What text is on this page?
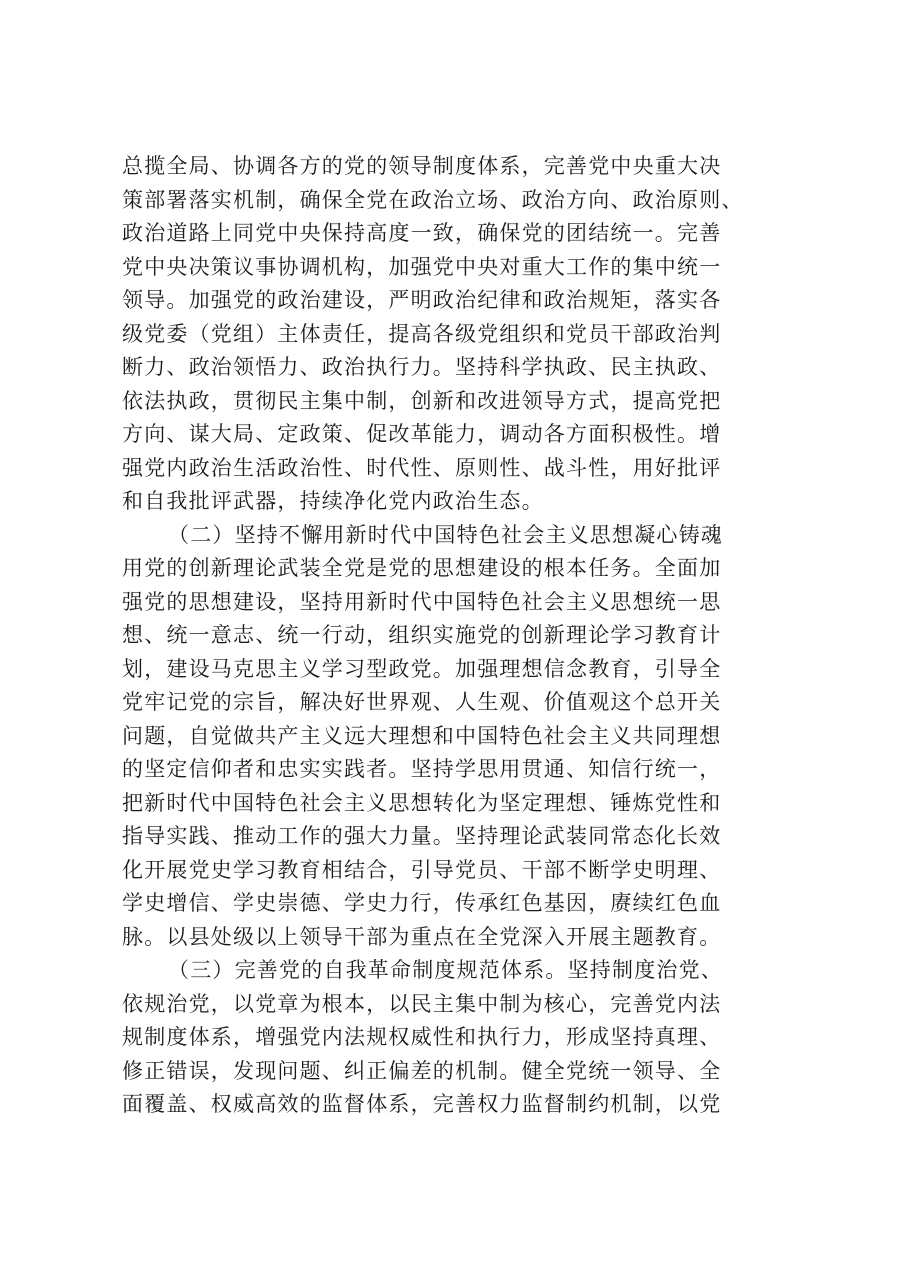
总揽全局、协调各方的党的领导制度体系，完善党中央重大决
策部署落实机制，确保全党在政治立场、政治方向、政治原则、
政治道路上同党中央保持高度一致，确保党的团结统一。完善
党中央决策议事协调机构，加强党中央对重大工作的集中统一
领导。加强党的政治建设，严明政治纪律和政治规矩，落实各
级党委（党组）主体责任，提高各级党组织和党员干部政治判
断力、政治领悟力、政治执行力。坚持科学执政、民主执政、
依法执政，贯彻民主集中制，创新和改进领导方式，提高党把
方向、谋大局、定政策、促改革能力，调动各方面积极性。增
强党内政治生活政治性、时代性、原则性、战斗性，用好批评
和自我批评武器，持续净化党内政治生态。
（二）坚持不懈用新时代中国特色社会主义思想凝心铸魂
用党的创新理论武装全党是党的思想建设的根本任务。全面加
强党的思想建设，坚持用新时代中国特色社会主义思想统一思
想、统一意志、统一行动，组织实施党的创新理论学习教育计
划，建设马克思主义学习型政党。加强理想信念教育，引导全
党牢记党的宗旨，解决好世界观、人生观、价值观这个总开关
问题，自觉做共产主义远大理想和中国特色社会主义共同理想
的坚定信仰者和忠实实践者。坚持学思用贯通、知信行统一，
把新时代中国特色社会主义思想转化为坚定理想、锤炼党性和
指导实践、推动工作的强大力量。坚持理论武装同常态化长效
化开展党史学习教育相结合，引导党员、干部不断学史明理、
学史增信、学史崇德、学史力行，传承红色基因，赓续红色血
脉。以县处级以上领导干部为重点在全党深入开展主题教育。
（三）完善党的自我革命制度规范体系。坚持制度治党、
依规治党，以党章为根本，以民主集中制为核心，完善党内法
规制度体系，增强党内法规权威性和执行力，形成坚持真理、
修正错误，发现问题、纠正偏差的机制。健全党统一领导、全
面覆盖、权威高效的监督体系，完善权力监督制约机制，以党
